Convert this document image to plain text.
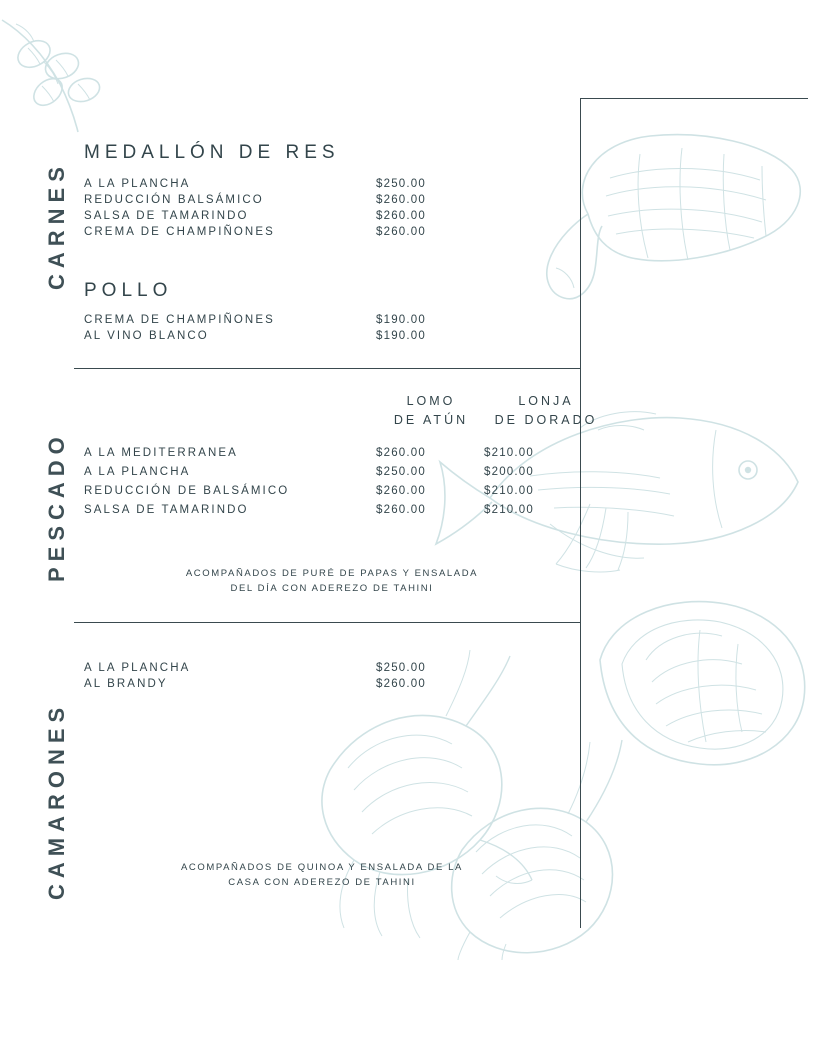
CARNES
MEDALLÓN DE RES
A LA PLANCHA	$250.00
REDUCCIÓN BALSÁMICO	$260.00
SALSA DE TAMARINDO	$260.00
CREMA DE CHAMPIÑONES	$260.00
POLLO
CREMA DE CHAMPIÑONES	$190.00
AL VINO BLANCO	$190.00
PESCADO
LOMO
DE ATÚN
LONJA
DE DORADO
A LA MEDITERRANEA	$260.00	$210.00
A LA PLANCHA	$250.00	$200.00
REDUCCIÓN DE BALSÁMICO	$260.00	$210.00
SALSA DE TAMARINDO	$260.00	$210.00
ACOMPAÑADOS DE PURÉ DE PAPAS Y ENSALADA
DEL DÍA CON ADEREZO DE TAHINI
CAMARONES
A LA PLANCHA	$250.00
AL BRANDY	$260.00
ACOMPAÑADOS DE QUINOA Y ENSALADA DE LA
CASA CON ADEREZO DE TAHINI
